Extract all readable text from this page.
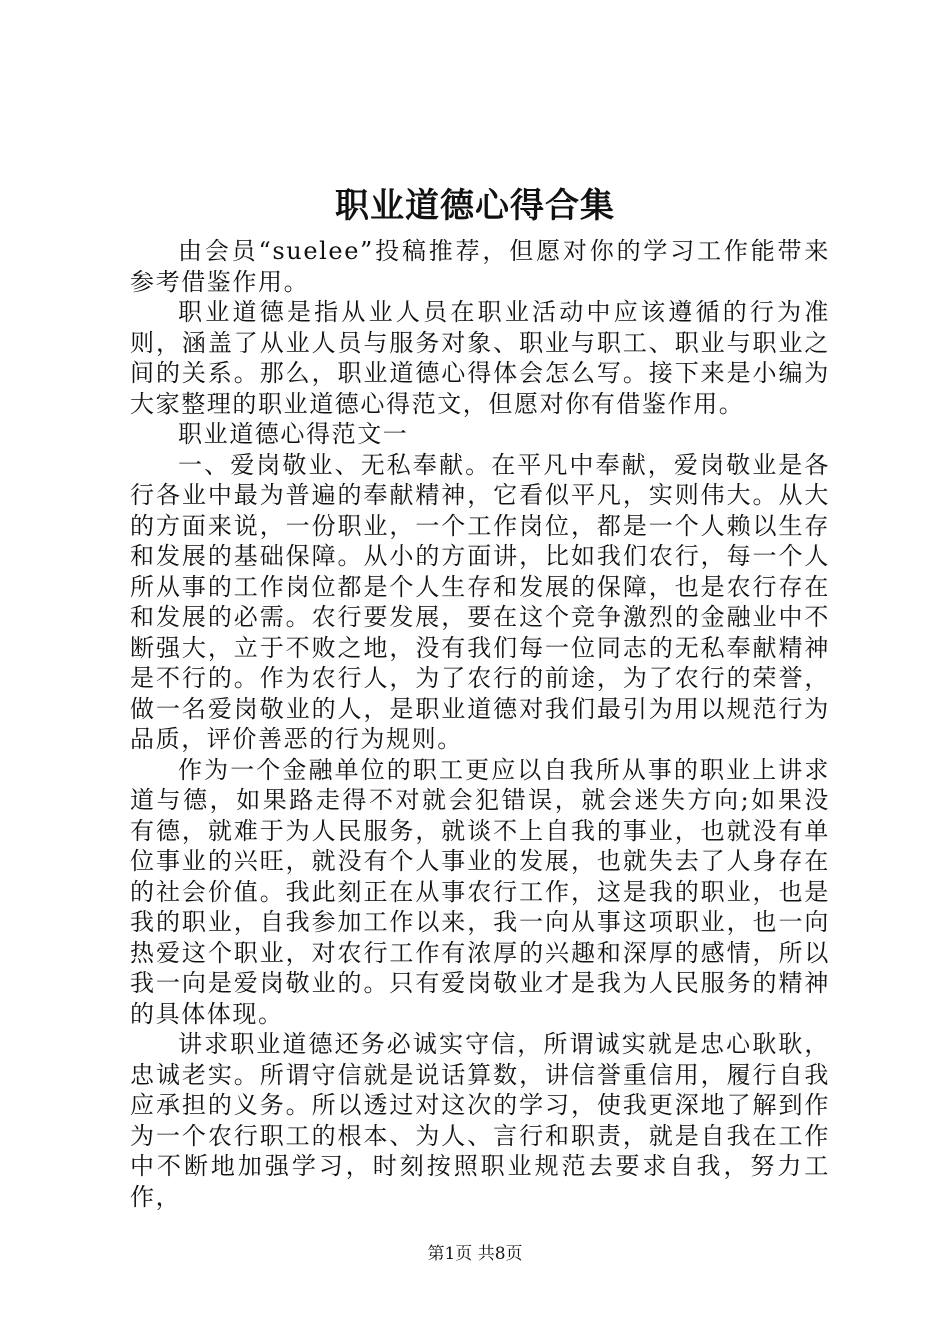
职业道德心得合集

由会员“suelee”投稿推荐，但愿对你的学习工作能带来参考借鉴作用。

职业道德是指从业人员在职业活动中应该遵循的行为准则，涵盖了从业人员与服务对象、职业与职工、职业与职业之间的关系。那么，职业道德心得体会怎么写。接下来是小编为大家整理的职业道德心得范文，但愿对你有借鉴作用。

职业道德心得范文一

一、爱岗敬业、无私奉献。在平凡中奉献，爱岗敬业是各行各业中最为普遍的奉献精神，它看似平凡，实则伟大。从大的方面来说，一份职业，一个工作岗位，都是一个人赖以生存和发展的基础保障。从小的方面讲，比如我们农行，每一个人所从事的工作岗位都是个人生存和发展的保障，也是农行存在和发展的必需。农行要发展，要在这个竞争激烈的金融业中不断强大，立于不败之地，没有我们每一位同志的无私奉献精神是不行的。作为农行人，为了农行的前途，为了农行的荣誉，做一名爱岗敬业的人，是职业道德对我们最引为用以规范行为品质，评价善恶的行为规则。

作为一个金融单位的职工更应以自我所从事的职业上讲求道与德，如果路走得不对就会犯错误，就会迷失方向;如果没有德，就难于为人民服务，就谈不上自我的事业，也就没有单位事业的兴旺，就没有个人事业的发展，也就失去了人身存在的社会价值。我此刻正在从事农行工作，这是我的职业，也是我的职业，自我参加工作以来，我一向从事这项职业，也一向热爱这个职业，对农行工作有浓厚的兴趣和深厚的感情，所以我一向是爱岗敬业的。只有爱岗敬业才是我为人民服务的精神的具体体现。

讲求职业道德还务必诚实守信，所谓诚实就是忠心耿耿，忠诚老实。所谓守信就是说话算数，讲信誉重信用，履行自我应承担的义务。所以透过对这次的学习，使我更深地了解到作为一个农行职工的根本、为人、言行和职责，就是自我在工作中不断地加强学习，时刻按照职业规范去要求自我，努力工作，

第1页 共8页
